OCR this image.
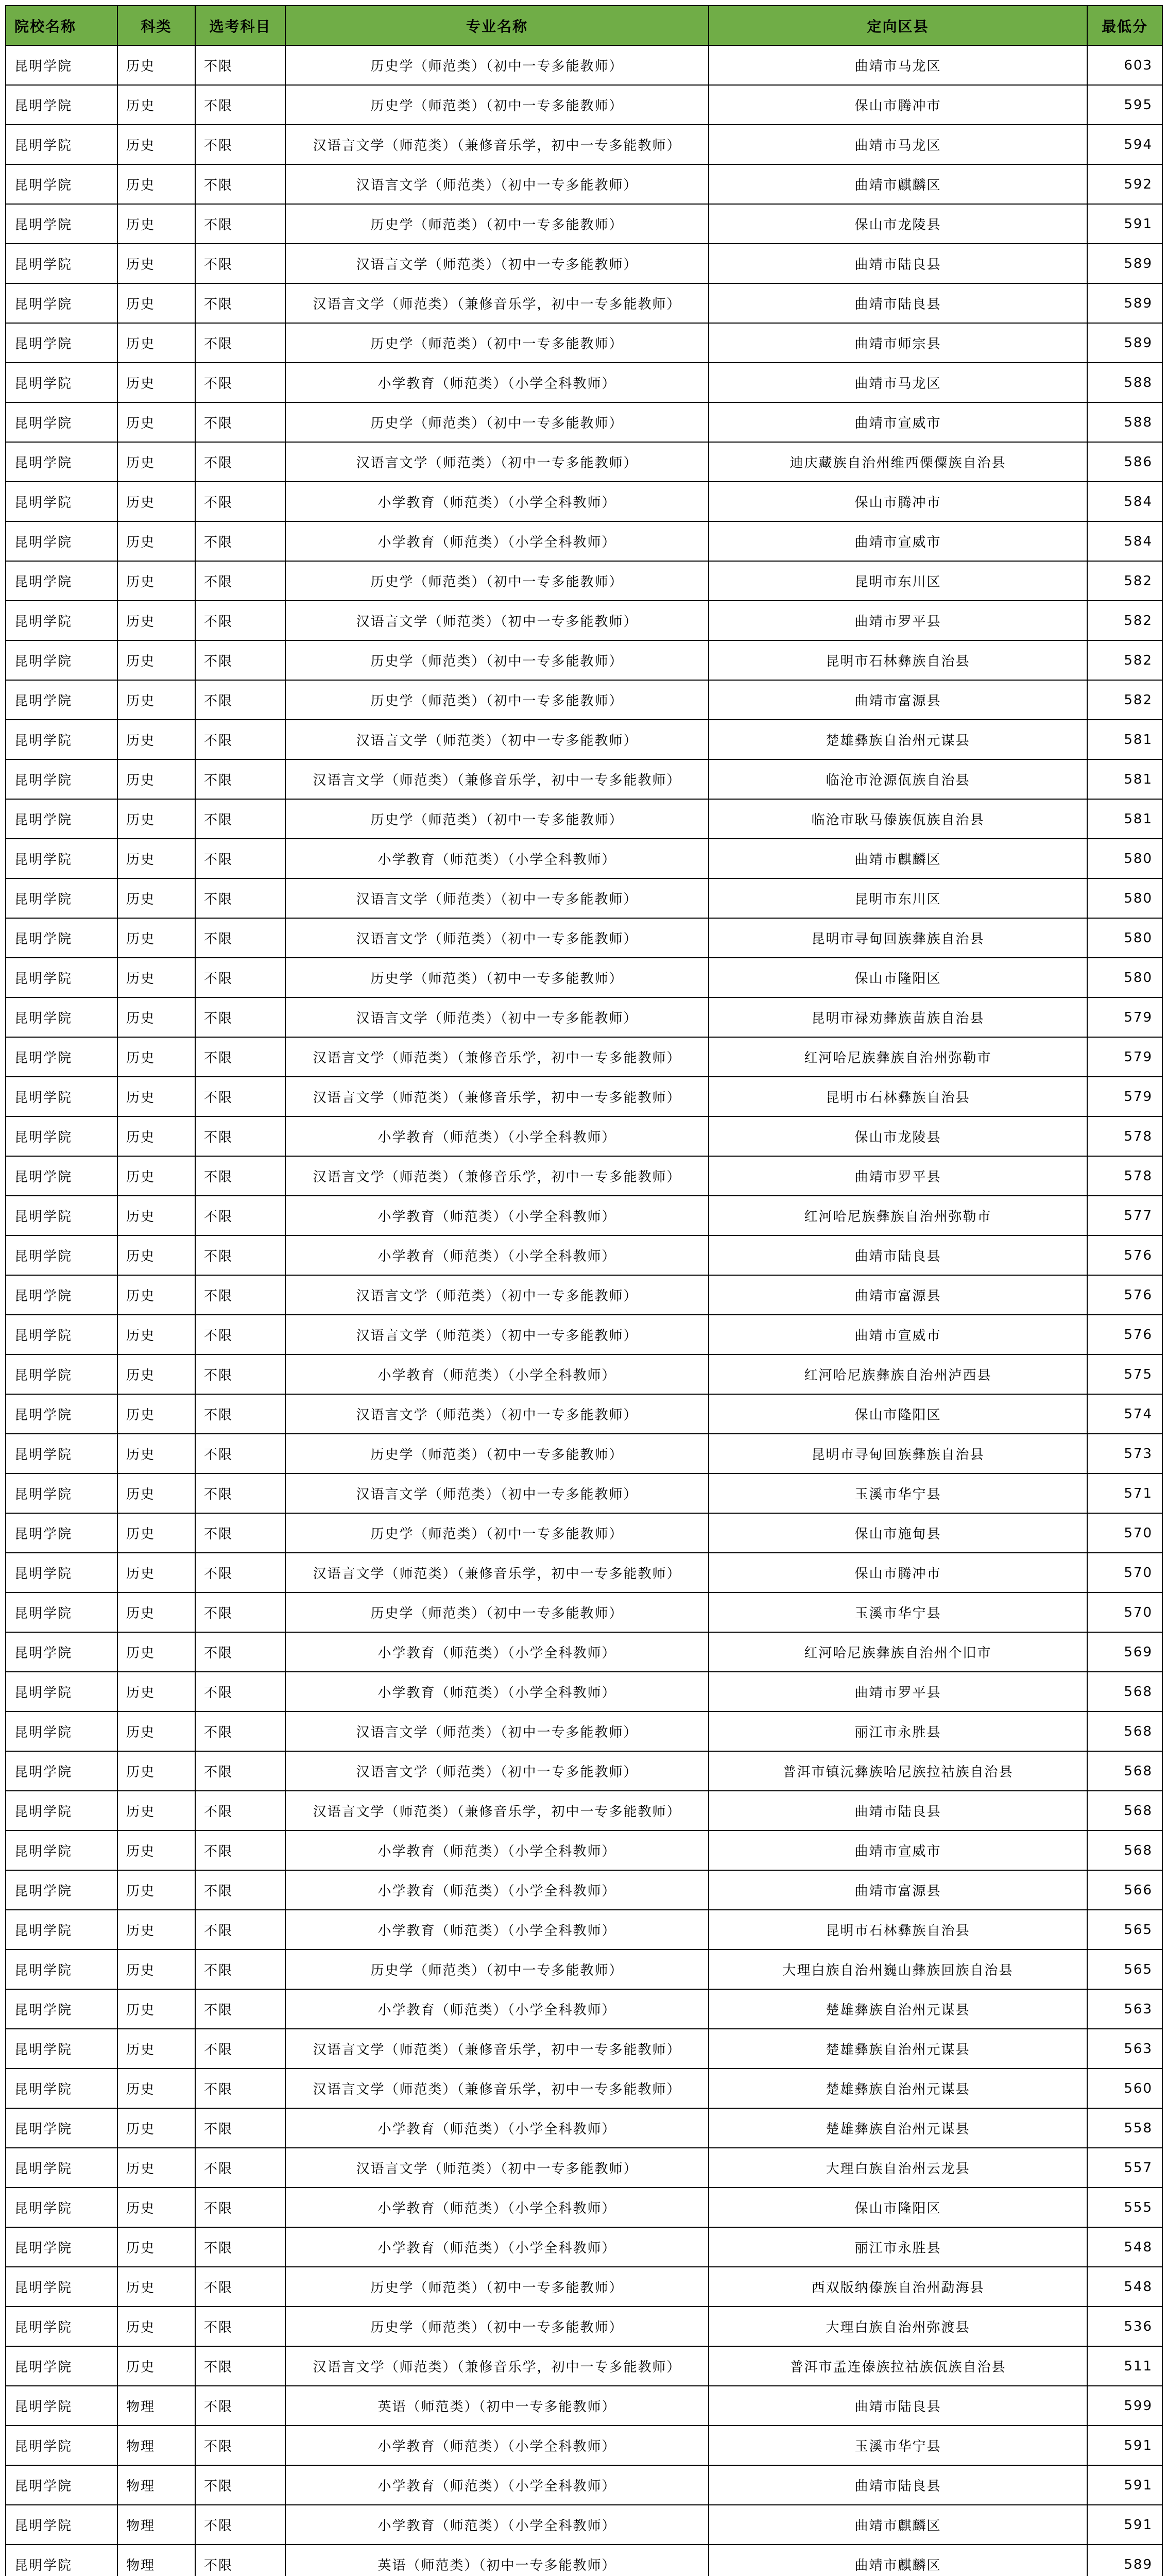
院校名称	科类	选考科目	专业名称	定向区县	最低分
昆明学院	历史	不限	历史学（师范类）（初中一专多能教师）	曲靖市马龙区	603
昆明学院	历史	不限	历史学（师范类）（初中一专多能教师）	保山市腾冲市	595
昆明学院	历史	不限	汉语言文学（师范类）（兼修音乐学，初中一专多能教师）	曲靖市马龙区	594
昆明学院	历史	不限	汉语言文学（师范类）（初中一专多能教师）	曲靖市麒麟区	592
昆明学院	历史	不限	历史学（师范类）（初中一专多能教师）	保山市龙陵县	591
昆明学院	历史	不限	汉语言文学（师范类）（初中一专多能教师）	曲靖市陆良县	589
昆明学院	历史	不限	汉语言文学（师范类）（兼修音乐学，初中一专多能教师）	曲靖市陆良县	589
昆明学院	历史	不限	历史学（师范类）（初中一专多能教师）	曲靖市师宗县	589
昆明学院	历史	不限	小学教育（师范类）（小学全科教师）	曲靖市马龙区	588
昆明学院	历史	不限	历史学（师范类）（初中一专多能教师）	曲靖市宣威市	588
昆明学院	历史	不限	汉语言文学（师范类）（初中一专多能教师）	迪庆藏族自治州维西傈僳族自治县	586
昆明学院	历史	不限	小学教育（师范类）（小学全科教师）	保山市腾冲市	584
昆明学院	历史	不限	小学教育（师范类）（小学全科教师）	曲靖市宣威市	584
昆明学院	历史	不限	历史学（师范类）（初中一专多能教师）	昆明市东川区	582
昆明学院	历史	不限	汉语言文学（师范类）（初中一专多能教师）	曲靖市罗平县	582
昆明学院	历史	不限	历史学（师范类）（初中一专多能教师）	昆明市石林彝族自治县	582
昆明学院	历史	不限	历史学（师范类）（初中一专多能教师）	曲靖市富源县	582
昆明学院	历史	不限	汉语言文学（师范类）（初中一专多能教师）	楚雄彝族自治州元谋县	581
昆明学院	历史	不限	汉语言文学（师范类）（兼修音乐学，初中一专多能教师）	临沧市沧源佤族自治县	581
昆明学院	历史	不限	历史学（师范类）（初中一专多能教师）	临沧市耿马傣族佤族自治县	581
昆明学院	历史	不限	小学教育（师范类）（小学全科教师）	曲靖市麒麟区	580
昆明学院	历史	不限	汉语言文学（师范类）（初中一专多能教师）	昆明市东川区	580
昆明学院	历史	不限	汉语言文学（师范类）（初中一专多能教师）	昆明市寻甸回族彝族自治县	580
昆明学院	历史	不限	历史学（师范类）（初中一专多能教师）	保山市隆阳区	580
昆明学院	历史	不限	汉语言文学（师范类）（初中一专多能教师）	昆明市禄劝彝族苗族自治县	579
昆明学院	历史	不限	汉语言文学（师范类）（兼修音乐学，初中一专多能教师）	红河哈尼族彝族自治州弥勒市	579
昆明学院	历史	不限	汉语言文学（师范类）（兼修音乐学，初中一专多能教师）	昆明市石林彝族自治县	579
昆明学院	历史	不限	小学教育（师范类）（小学全科教师）	保山市龙陵县	578
昆明学院	历史	不限	汉语言文学（师范类）（兼修音乐学，初中一专多能教师）	曲靖市罗平县	578
昆明学院	历史	不限	小学教育（师范类）（小学全科教师）	红河哈尼族彝族自治州弥勒市	577
昆明学院	历史	不限	小学教育（师范类）（小学全科教师）	曲靖市陆良县	576
昆明学院	历史	不限	汉语言文学（师范类）（初中一专多能教师）	曲靖市富源县	576
昆明学院	历史	不限	汉语言文学（师范类）（初中一专多能教师）	曲靖市宣威市	576
昆明学院	历史	不限	小学教育（师范类）（小学全科教师）	红河哈尼族彝族自治州泸西县	575
昆明学院	历史	不限	汉语言文学（师范类）（初中一专多能教师）	保山市隆阳区	574
昆明学院	历史	不限	历史学（师范类）（初中一专多能教师）	昆明市寻甸回族彝族自治县	573
昆明学院	历史	不限	汉语言文学（师范类）（初中一专多能教师）	玉溪市华宁县	571
昆明学院	历史	不限	历史学（师范类）（初中一专多能教师）	保山市施甸县	570
昆明学院	历史	不限	汉语言文学（师范类）（兼修音乐学，初中一专多能教师）	保山市腾冲市	570
昆明学院	历史	不限	历史学（师范类）（初中一专多能教师）	玉溪市华宁县	570
昆明学院	历史	不限	小学教育（师范类）（小学全科教师）	红河哈尼族彝族自治州个旧市	569
昆明学院	历史	不限	小学教育（师范类）（小学全科教师）	曲靖市罗平县	568
昆明学院	历史	不限	汉语言文学（师范类）（初中一专多能教师）	丽江市永胜县	568
昆明学院	历史	不限	汉语言文学（师范类）（初中一专多能教师）	普洱市镇沅彝族哈尼族拉祜族自治县	568
昆明学院	历史	不限	汉语言文学（师范类）（兼修音乐学，初中一专多能教师）	曲靖市陆良县	568
昆明学院	历史	不限	小学教育（师范类）（小学全科教师）	曲靖市宣威市	568
昆明学院	历史	不限	小学教育（师范类）（小学全科教师）	曲靖市富源县	566
昆明学院	历史	不限	小学教育（师范类）（小学全科教师）	昆明市石林彝族自治县	565
昆明学院	历史	不限	历史学（师范类）（初中一专多能教师）	大理白族自治州巍山彝族回族自治县	565
昆明学院	历史	不限	小学教育（师范类）（小学全科教师）	楚雄彝族自治州元谋县	563
昆明学院	历史	不限	汉语言文学（师范类）（兼修音乐学，初中一专多能教师）	楚雄彝族自治州元谋县	563
昆明学院	历史	不限	汉语言文学（师范类）（兼修音乐学，初中一专多能教师）	楚雄彝族自治州元谋县	560
昆明学院	历史	不限	小学教育（师范类）（小学全科教师）	楚雄彝族自治州元谋县	558
昆明学院	历史	不限	汉语言文学（师范类）（初中一专多能教师）	大理白族自治州云龙县	557
昆明学院	历史	不限	小学教育（师范类）（小学全科教师）	保山市隆阳区	555
昆明学院	历史	不限	小学教育（师范类）（小学全科教师）	丽江市永胜县	548
昆明学院	历史	不限	历史学（师范类）（初中一专多能教师）	西双版纳傣族自治州勐海县	548
昆明学院	历史	不限	历史学（师范类）（初中一专多能教师）	大理白族自治州弥渡县	536
昆明学院	历史	不限	汉语言文学（师范类）（兼修音乐学，初中一专多能教师）	普洱市孟连傣族拉祜族佤族自治县	511
昆明学院	物理	不限	英语（师范类）（初中一专多能教师）	曲靖市陆良县	599
昆明学院	物理	不限	小学教育（师范类）（小学全科教师）	玉溪市华宁县	591
昆明学院	物理	不限	小学教育（师范类）（小学全科教师）	曲靖市陆良县	591
昆明学院	物理	不限	小学教育（师范类）（小学全科教师）	曲靖市麒麟区	591
昆明学院	物理	不限	英语（师范类）（初中一专多能教师）	曲靖市麒麟区	589
